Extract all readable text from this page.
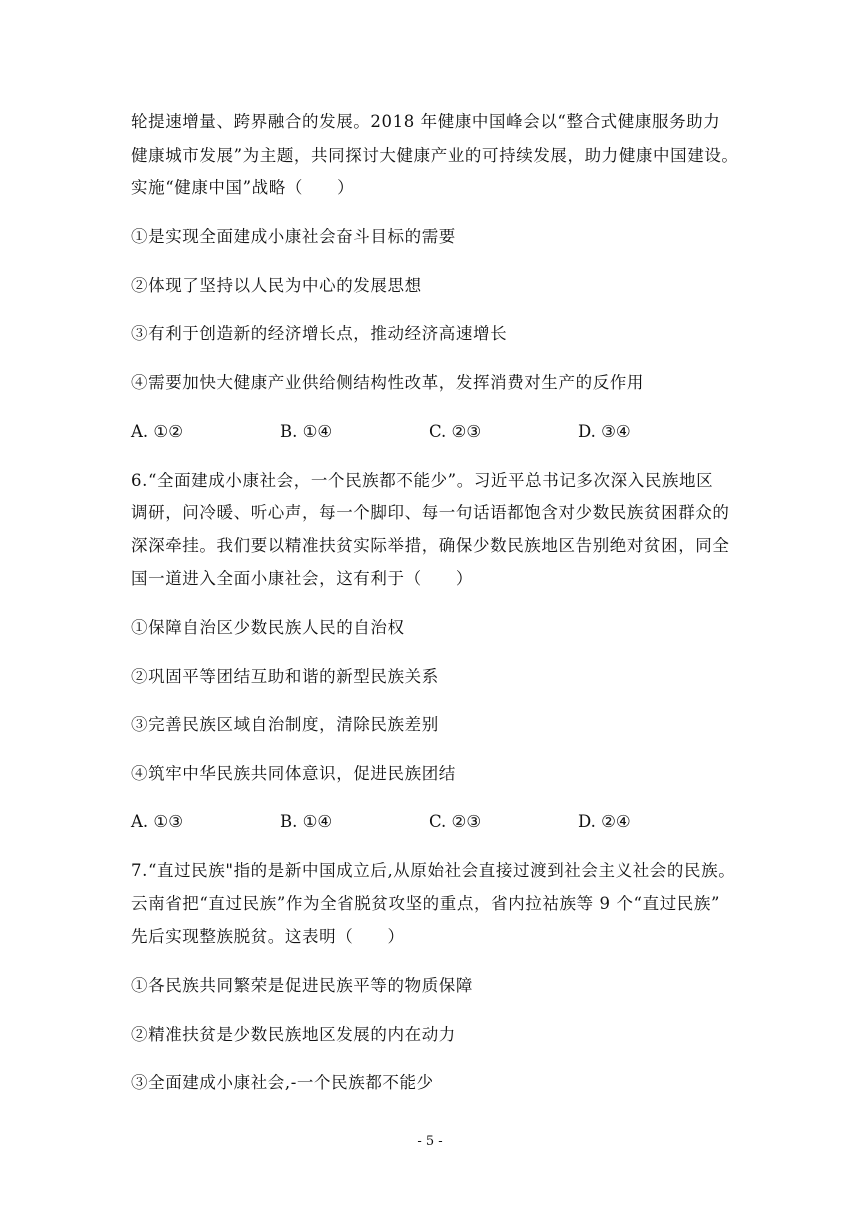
轮提速增量、跨界融合的发展。2018 年健康中国峰会以“整合式健康服务助力
健康城市发展”为主题，共同探讨大健康产业的可持续发展，助力健康中国建设。
实施“健康中国”战略（　　）
①是实现全面建成小康社会奋斗目标的需要
②体现了坚持以人民为中心的发展思想
③有利于创造新的经济增长点，推动经济高速增长
④需要加快大健康产业供给侧结构性改革，发挥消费对生产的反作用
A. ①②	B. ①④	C. ②③	D. ③④
6.“全面建成小康社会，一个民族都不能少”。习近平总书记多次深入民族地区
调研，问冷暖、听心声，每一个脚印、每一句话语都饱含对少数民族贫困群众的
深深牵挂。我们要以精准扶贫实际举措，确保少数民族地区告别绝对贫困，同全
国一道进入全面小康社会，这有利于（　　）
①保障自治区少数民族人民的自治权
②巩固平等团结互助和谐的新型民族关系
③完善民族区域自治制度，清除民族差别
④筑牢中华民族共同体意识，促进民族团结
A. ①③	B. ①④	C. ②③	D. ②④
7.“直过民族"指的是新中国成立后,从原始社会直接过渡到社会主义社会的民族。
云南省把“直过民族”作为全省脱贫攻坚的重点，省内拉祜族等 9 个“直过民族”
先后实现整族脱贫。这表明（　　）
①各民族共同繁荣是促进民族平等的物质保障
②精准扶贫是少数民族地区发展的内在动力
③全面建成小康社会,-一个民族都不能少
- 5 -
